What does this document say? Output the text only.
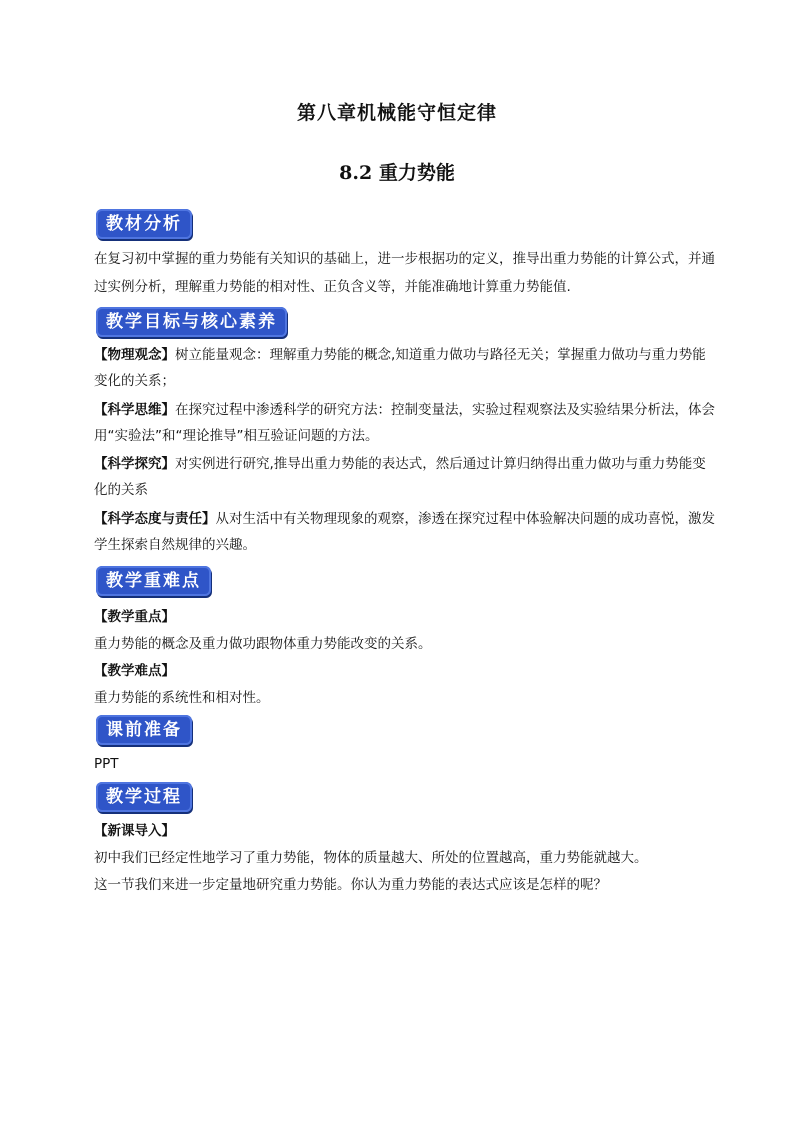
第八章机械能守恒定律
8.2 重力势能
教材分析
在复习初中掌握的重力势能有关知识的基础上，进一步根据功的定义，推导出重力势能的计算公式，并通过实例分析，理解重力势能的相对性、正负含义等，并能准确地计算重力势能值.
教学目标与核心素养
【物理观念】树立能量观念：理解重力势能的概念,知道重力做功与路径无关；掌握重力做功与重力势能变化的关系；
【科学思维】在探究过程中渗透科学的研究方法：控制变量法，实验过程观察法及实验结果分析法，体会用“实验法”和“理论推导”相互验证问题的方法。
【科学探究】对实例进行研究,推导出重力势能的表达式，然后通过计算归纳得出重力做功与重力势能变化的关系
【科学态度与责任】从对生活中有关物理现象的观察，渗透在探究过程中体验解决问题的成功喜悦，激发学生探索自然规律的兴趣。
教学重难点
【教学重点】
重力势能的概念及重力做功跟物体重力势能改变的关系。
【教学难点】
重力势能的系统性和相对性。
课前准备
PPT
教学过程
【新课导入】
初中我们已经定性地学习了重力势能，物体的质量越大、所处的位置越高，重力势能就越大。
这一节我们来进一步定量地研究重力势能。你认为重力势能的表达式应该是怎样的呢？
